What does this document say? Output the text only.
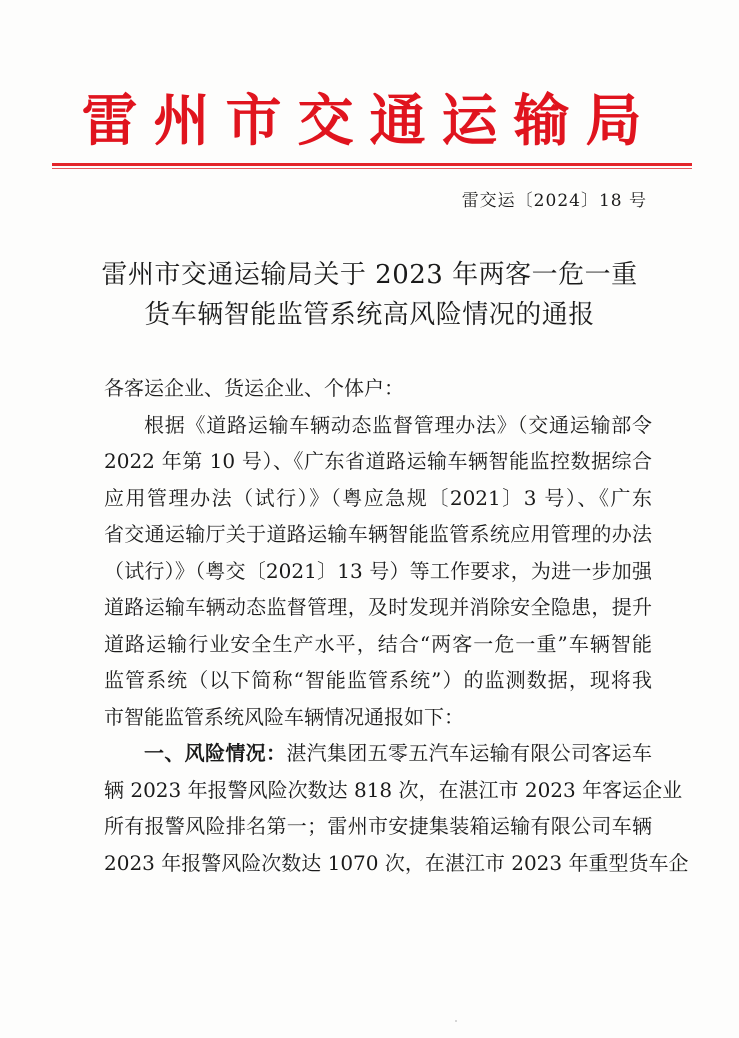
雷州市交通运输局
雷交运〔2024〕18 号
雷州市交通运输局关于 2023 年两客一危一重
货车辆智能监管系统高风险情况的通报
各客运企业、货运企业、个体户：
根据《道路运输车辆动态监督管理办法》（交通运输部令
2022 年第 10 号）、《广东省道路运输车辆智能监控数据综合
应用管理办法（试行）》（粤应急规〔2021〕3 号）、《广东
省交通运输厅关于道路运输车辆智能监管系统应用管理的办法
（试行）》（粤交〔2021〕13 号）等工作要求，为进一步加强
道路运输车辆动态监督管理，及时发现并消除安全隐患，提升
道路运输行业安全生产水平，结合“两客一危一重”车辆智能
监管系统（以下简称“智能监管系统”）的监测数据，现将我
市智能监管系统风险车辆情况通报如下：
一、风险情况：湛汽集团五零五汽车运输有限公司客运车
辆 2023 年报警风险次数达 818 次，在湛江市 2023 年客运企业
所有报警风险排名第一；雷州市安捷集装箱运输有限公司车辆
2023 年报警风险次数达 1070 次，在湛江市 2023 年重型货车企
